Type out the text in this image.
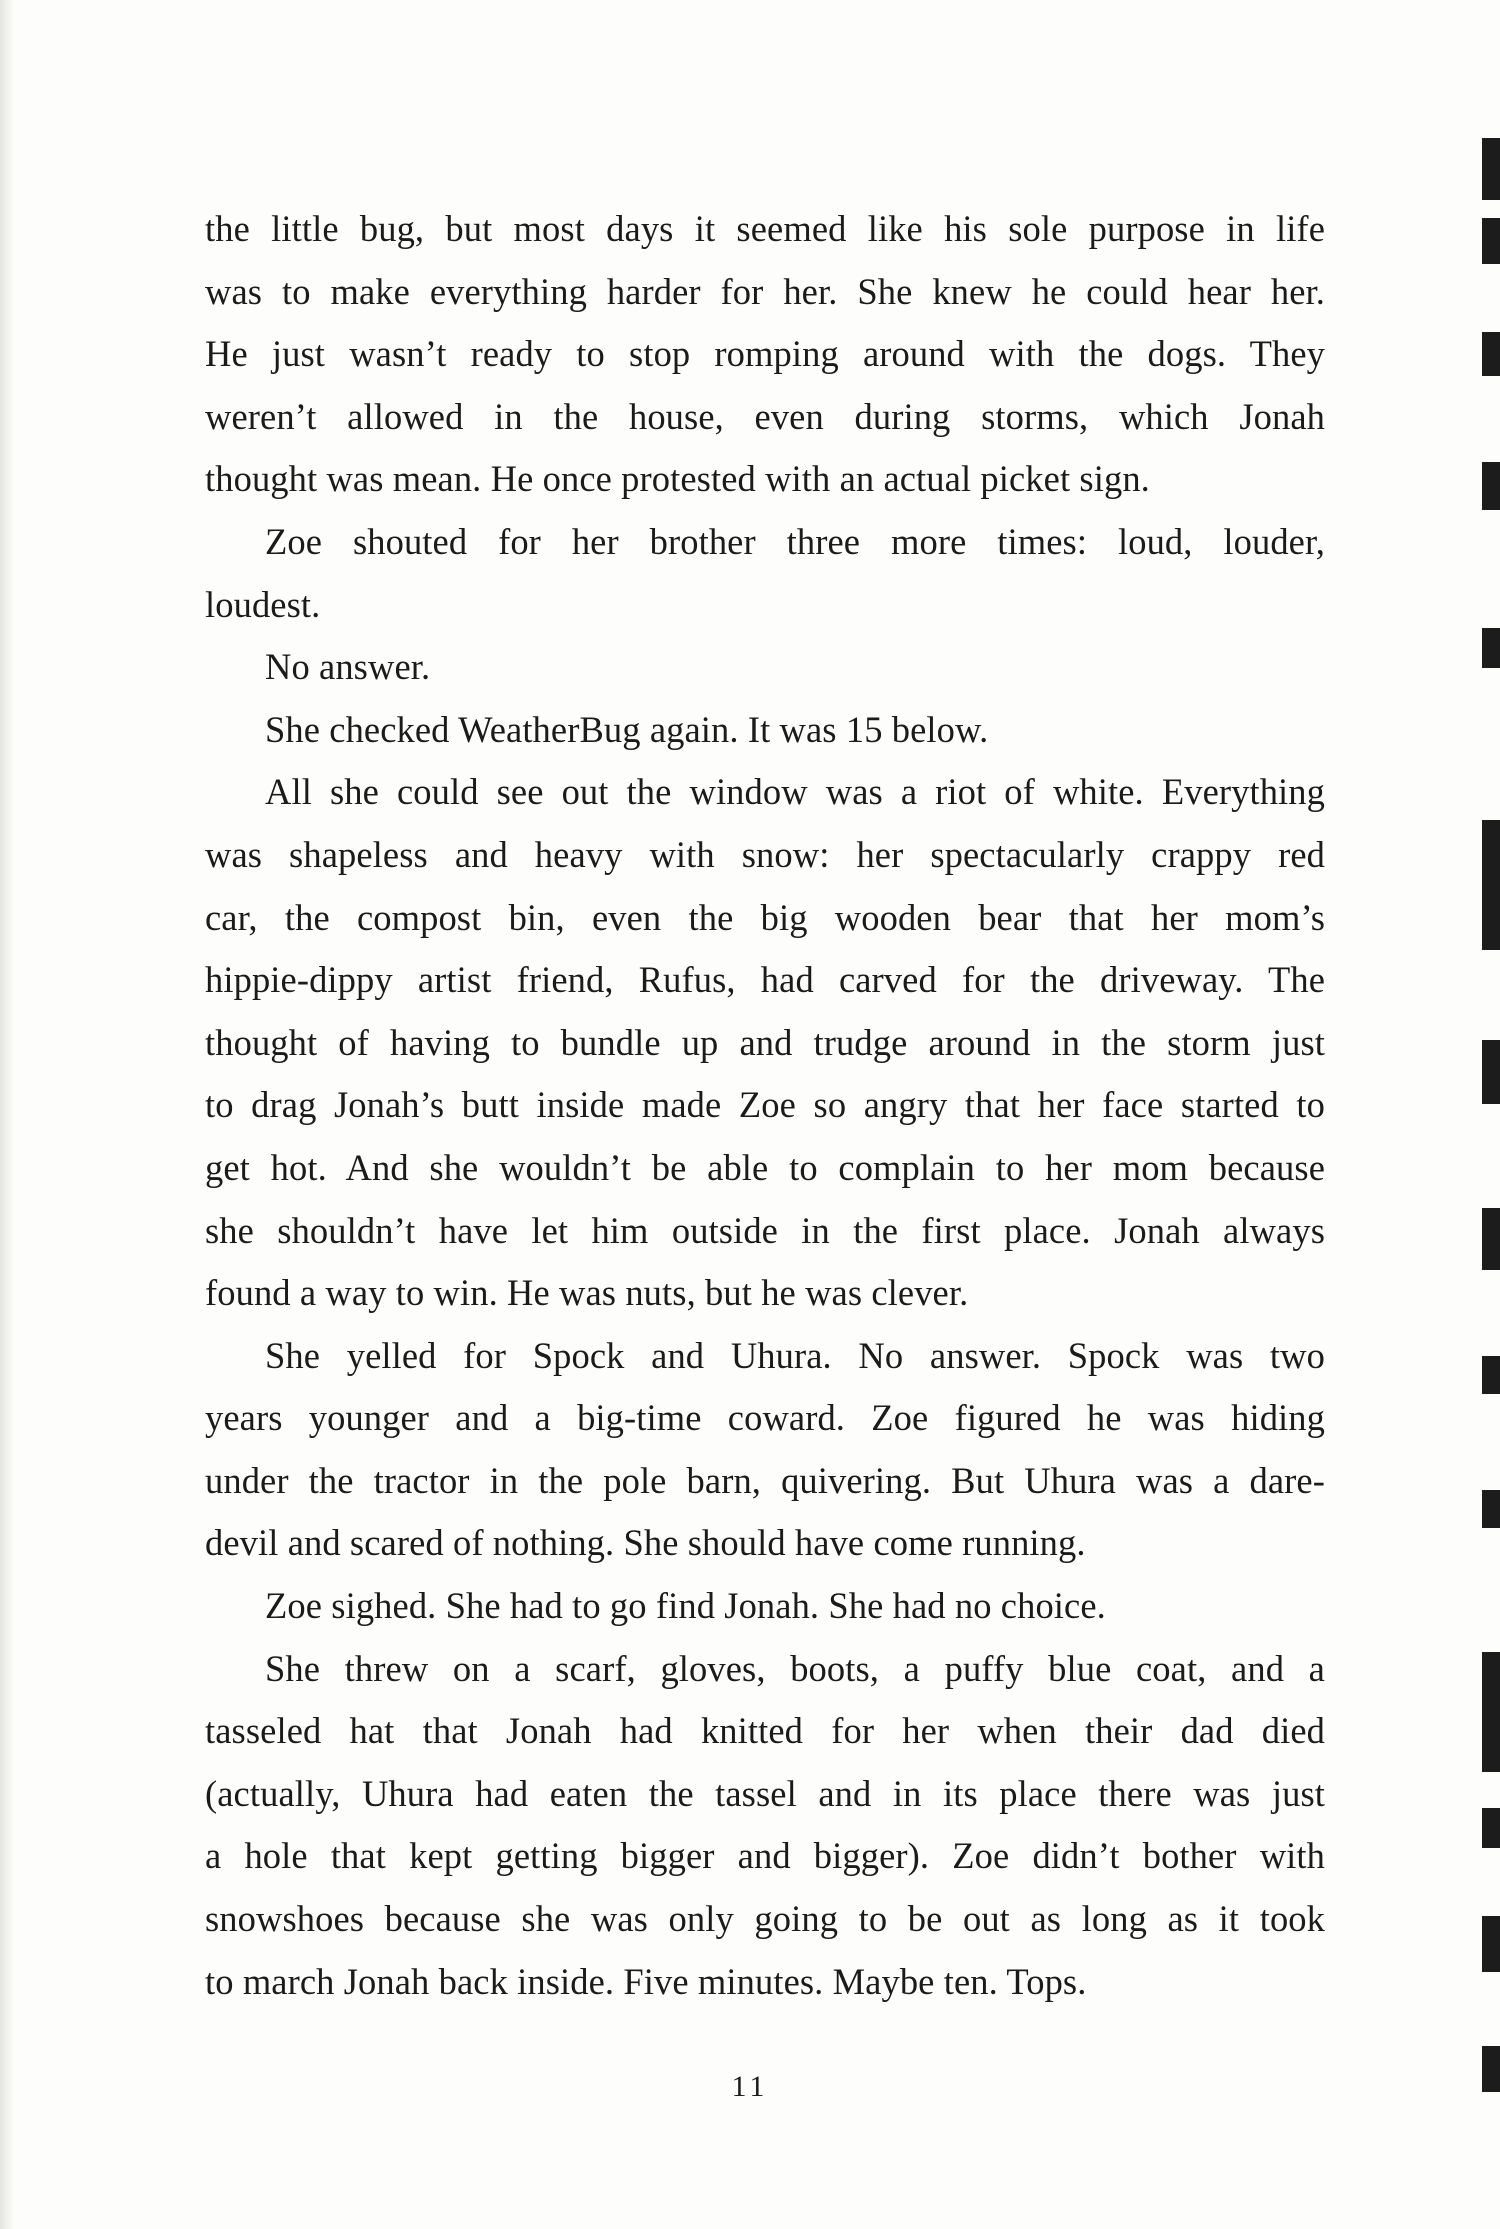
the little bug, but most days it seemed like his sole purpose in life
was to make everything harder for her. She knew he could hear her.
He just wasn’t ready to stop romping around with the dogs. They
weren’t allowed in the house, even during storms, which Jonah
thought was mean. He once protested with an actual picket sign.
Zoe shouted for her brother three more times: loud, louder,
loudest.
No answer.
She checked WeatherBug again. It was 15 below.
All she could see out the window was a riot of white. Everything
was shapeless and heavy with snow: her spectacularly crappy red
car, the compost bin, even the big wooden bear that her mom’s
hippie-dippy artist friend, Rufus, had carved for the driveway. The
thought of having to bundle up and trudge around in the storm just
to drag Jonah’s butt inside made Zoe so angry that her face started to
get hot. And she wouldn’t be able to complain to her mom because
she shouldn’t have let him outside in the first place. Jonah always
found a way to win. He was nuts, but he was clever.
She yelled for Spock and Uhura. No answer. Spock was two
years younger and a big-time coward. Zoe figured he was hiding
under the tractor in the pole barn, quivering. But Uhura was a dare-
devil and scared of nothing. She should have come running.
Zoe sighed. She had to go find Jonah. She had no choice.
She threw on a scarf, gloves, boots, a puffy blue coat, and a
tasseled hat that Jonah had knitted for her when their dad died
(actually, Uhura had eaten the tassel and in its place there was just
a hole that kept getting bigger and bigger). Zoe didn’t bother with
snowshoes because she was only going to be out as long as it took
to march Jonah back inside. Five minutes. Maybe ten. Tops.
11
